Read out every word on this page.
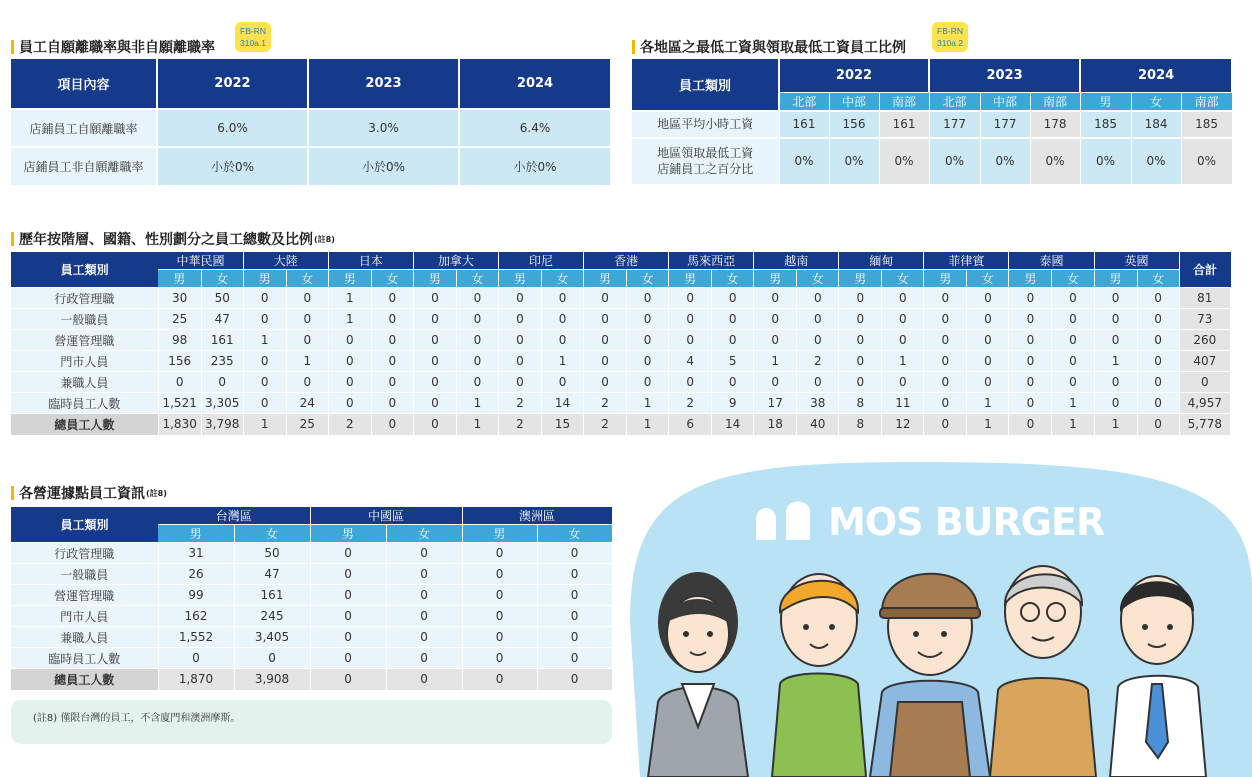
員工自願離職率與非自願離職率
FB-RN
310a.1
項目內容	2022	2023	2024
店鋪員工自願離職率	6.0%	3.0%	6.4%
店鋪員工非自願離職率	小於0%	小於0%	小於0%
各地區之最低工資與領取最低工資員工比例
FB-RN
310a.2
員工類別	2022			2023			2024		
	北部	中部	南部	北部	中部	南部	男	女	南部
地區平均小時工資	161	156	161	177	177	178	185	184	185

地區領取最低工資
店鋪員工之百分比	0%	0%	0%	0%	0%	0%	0%	0%	0%
歷年按階層、國籍、性別劃分之員工總數及比例 (註8)
員工類別	中華民國		大陸		日本		加拿大		印尼		香港		馬來西亞		越南		緬甸		菲律賓		泰國		英國		合計
	男	女	男	女	男	女	男	女	男	女	男	女	男	女	男	女	男	女	男	女	男	女	男	女	
行政管理職	30	50	0	0	1	0	0	0	0	0	0	0	0	0	0	0	0	0	0	0	0	0	0	0	81
一般職員	25	47	0	0	1	0	0	0	0	0	0	0	0	0	0	0	0	0	0	0	0	0	0	0	73
營運管理職	98	161	1	0	0	0	0	0	0	0	0	0	0	0	0	0	0	0	0	0	0	0	0	0	260
門市人員	156	235	0	1	0	0	0	0	0	1	0	0	4	5	1	2	0	1	0	0	0	0	1	0	407
兼職人員	0	0	0	0	0	0	0	0	0	0	0	0	0	0	0	0	0	0	0	0	0	0	0	0	0
臨時員工人數	1,521	3,305	0	24	0	0	0	1	2	14	2	1	2	9	17	38	8	11	0	1	0	1	0	0	4,957
總員工人數	1,830	3,798	1	25	2	0	0	1	2	15	2	1	6	14	18	40	8	12	0	1	0	1	1	0	5,778
各營運據點員工資訊 (註8)
員工類別	台灣區		中國區		澳洲區	
	男	女	男	女	男	女
行政管理職	31	50	0	0	0	0
一般職員	26	47	0	0	0	0
營運管理職	99	161	0	0	0	0
門市人員	162	245	0	0	0	0
兼職人員	1,552	3,405	0	0	0	0
臨時員工人數	0	0	0	0	0	0
總員工人數	1,870	3,908	0	0	0	0
(註8) 僅限台灣的員工，不含廈門和澳洲摩斯。
MOS BURGER
